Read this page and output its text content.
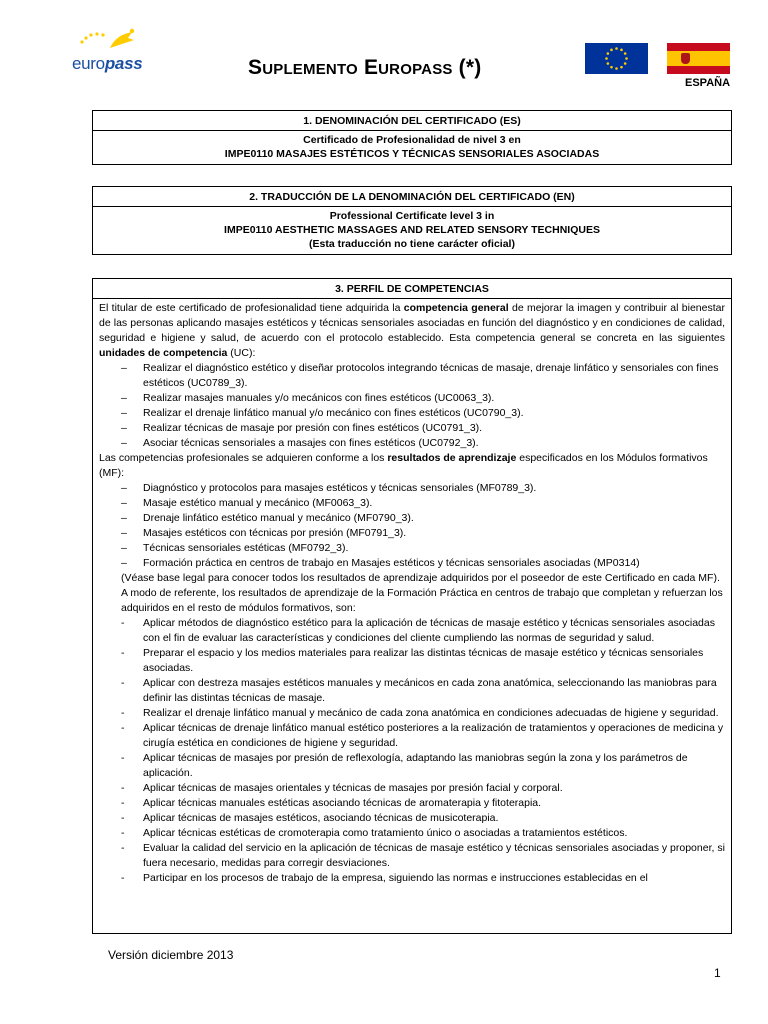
europass	Suplemento Europass (*)
ESPAÑA
1. DENOMINACIÓN DEL CERTIFICADO (ES)
Certificado de Profesionalidad de nivel 3 en
IMPE0110 MASAJES ESTÉTICOS Y TÉCNICAS SENSORIALES ASOCIADAS
2. TRADUCCIÓN DE LA DENOMINACIÓN DEL CERTIFICADO (EN)
Professional Certificate level 3 in
IMPE0110 AESTHETIC MASSAGES AND RELATED SENSORY TECHNIQUES
(Esta traducción no tiene carácter oficial)
3. PERFIL DE COMPETENCIAS

El titular de este certificado de profesionalidad tiene adquirida la competencia general de mejorar la imagen y contribuir al bienestar de las personas aplicando masajes estéticos y técnicas sensoriales asociadas en función del diagnóstico y en condiciones de calidad, seguridad e higiene y salud, de acuerdo con el protocolo establecido. Esta competencia general se concreta en las siguientes unidades de competencia (UC):

– Realizar el diagnóstico estético y diseñar protocolos integrando técnicas de masaje, drenaje linfático y sensoriales con fines estéticos (UC0789_3).
– Realizar masajes manuales y/o mecánicos con fines estéticos (UC0063_3).
– Realizar el drenaje linfático manual y/o mecánico con fines estéticos (UC0790_3).
– Realizar técnicas de masaje por presión con fines estéticos (UC0791_3).
– Asociar técnicas sensoriales a masajes con fines estéticos (UC0792_3).

Las competencias profesionales se adquieren conforme a los resultados de aprendizaje especificados en los Módulos formativos (MF):

– Diagnóstico y protocolos para masajes estéticos y técnicas sensoriales (MF0789_3).
– Masaje estético manual y mecánico (MF0063_3).
– Drenaje linfático estético manual y mecánico (MF0790_3).
– Masajes estéticos con técnicas por presión (MF0791_3).
– Técnicas sensoriales estéticas (MF0792_3).
– Formación práctica en centros de trabajo en Masajes estéticos y técnicas sensoriales asociadas (MP0314)

(Véase base legal para conocer todos los resultados de aprendizaje adquiridos por el poseedor de este Certificado en cada MF).

A modo de referente, los resultados de aprendizaje de la Formación Práctica en centros de trabajo que completan y refuerzan los adquiridos en el resto de módulos formativos, son:

- Aplicar métodos de diagnóstico estético para la aplicación de técnicas de masaje estético y técnicas sensoriales asociadas con el fin de evaluar las características y condiciones del cliente cumpliendo las normas de seguridad y salud.
- Preparar el espacio y los medios materiales para realizar las distintas técnicas de masaje estético y técnicas sensoriales asociadas.
- Aplicar con destreza masajes estéticos manuales y mecánicos en cada zona anatómica, seleccionando las maniobras para definir las distintas técnicas de masaje.
- Realizar el drenaje linfático manual y mecánico de cada zona anatómica en condiciones adecuadas de higiene y seguridad.
- Aplicar técnicas de drenaje linfático manual estético posteriores a la realización de tratamientos y operaciones de medicina y cirugía estética en condiciones de higiene y seguridad.
- Aplicar técnicas de masajes por presión de reflexología, adaptando las maniobras según la zona y los parámetros de aplicación.
- Aplicar técnicas de masajes orientales y técnicas de masajes por presión facial y corporal.
- Aplicar técnicas manuales estéticas asociando técnicas de aromaterapia y fitoterapia.
- Aplicar técnicas de masajes estéticos, asociando técnicas de musicoterapia.
- Aplicar técnicas estéticas de cromoterapia como tratamiento único o asociadas a tratamientos estéticos.
- Evaluar la calidad del servicio en la aplicación de técnicas de masaje estético y técnicas sensoriales asociadas y proponer, si fuera necesario, medidas para corregir desviaciones.
- Participar en los procesos de trabajo de la empresa, siguiendo las normas e instrucciones establecidas en el
Versión diciembre 2013
1
